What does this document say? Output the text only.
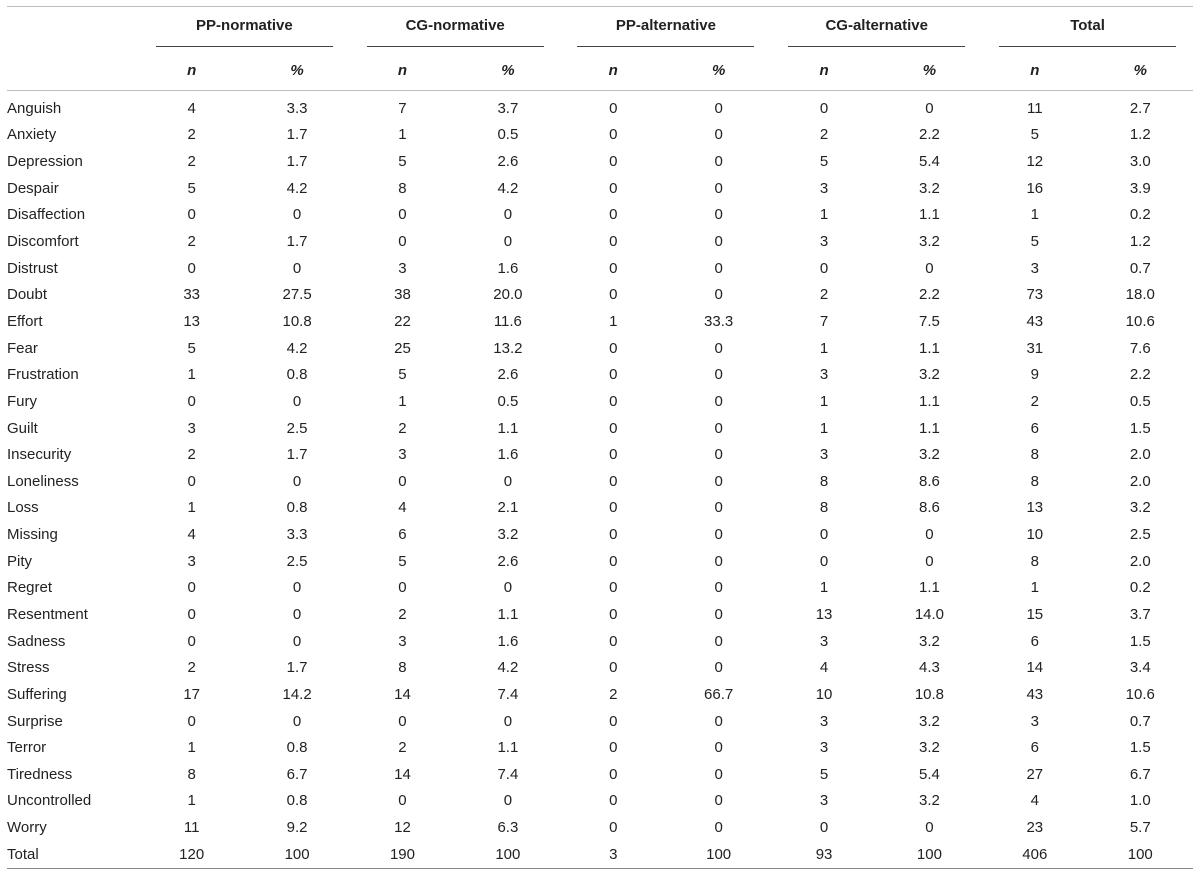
	PP-normative		CG-normative		PP-alternative		CG-alternative		Total	
	n	%	n	%	n	%	n	%	n	%
Anguish	4	3.3	7	3.7	0	0	0	0	11	2.7
Anxiety	2	1.7	1	0.5	0	0	2	2.2	5	1.2
Depression	2	1.7	5	2.6	0	0	5	5.4	12	3.0
Despair	5	4.2	8	4.2	0	0	3	3.2	16	3.9
Disaffection	0	0	0	0	0	0	1	1.1	1	0.2
Discomfort	2	1.7	0	0	0	0	3	3.2	5	1.2
Distrust	0	0	3	1.6	0	0	0	0	3	0.7
Doubt	33	27.5	38	20.0	0	0	2	2.2	73	18.0
Effort	13	10.8	22	11.6	1	33.3	7	7.5	43	10.6
Fear	5	4.2	25	13.2	0	0	1	1.1	31	7.6
Frustration	1	0.8	5	2.6	0	0	3	3.2	9	2.2
Fury	0	0	1	0.5	0	0	1	1.1	2	0.5
Guilt	3	2.5	2	1.1	0	0	1	1.1	6	1.5
Insecurity	2	1.7	3	1.6	0	0	3	3.2	8	2.0
Loneliness	0	0	0	0	0	0	8	8.6	8	2.0
Loss	1	0.8	4	2.1	0	0	8	8.6	13	3.2
Missing	4	3.3	6	3.2	0	0	0	0	10	2.5
Pity	3	2.5	5	2.6	0	0	0	0	8	2.0
Regret	0	0	0	0	0	0	1	1.1	1	0.2
Resentment	0	0	2	1.1	0	0	13	14.0	15	3.7
Sadness	0	0	3	1.6	0	0	3	3.2	6	1.5
Stress	2	1.7	8	4.2	0	0	4	4.3	14	3.4
Suffering	17	14.2	14	7.4	2	66.7	10	10.8	43	10.6
Surprise	0	0	0	0	0	0	3	3.2	3	0.7
Terror	1	0.8	2	1.1	0	0	3	3.2	6	1.5
Tiredness	8	6.7	14	7.4	0	0	5	5.4	27	6.7
Uncontrolled	1	0.8	0	0	0	0	3	3.2	4	1.0
Worry	11	9.2	12	6.3	0	0	0	0	23	5.7
Total	120	100	190	100	3	100	93	100	406	100
